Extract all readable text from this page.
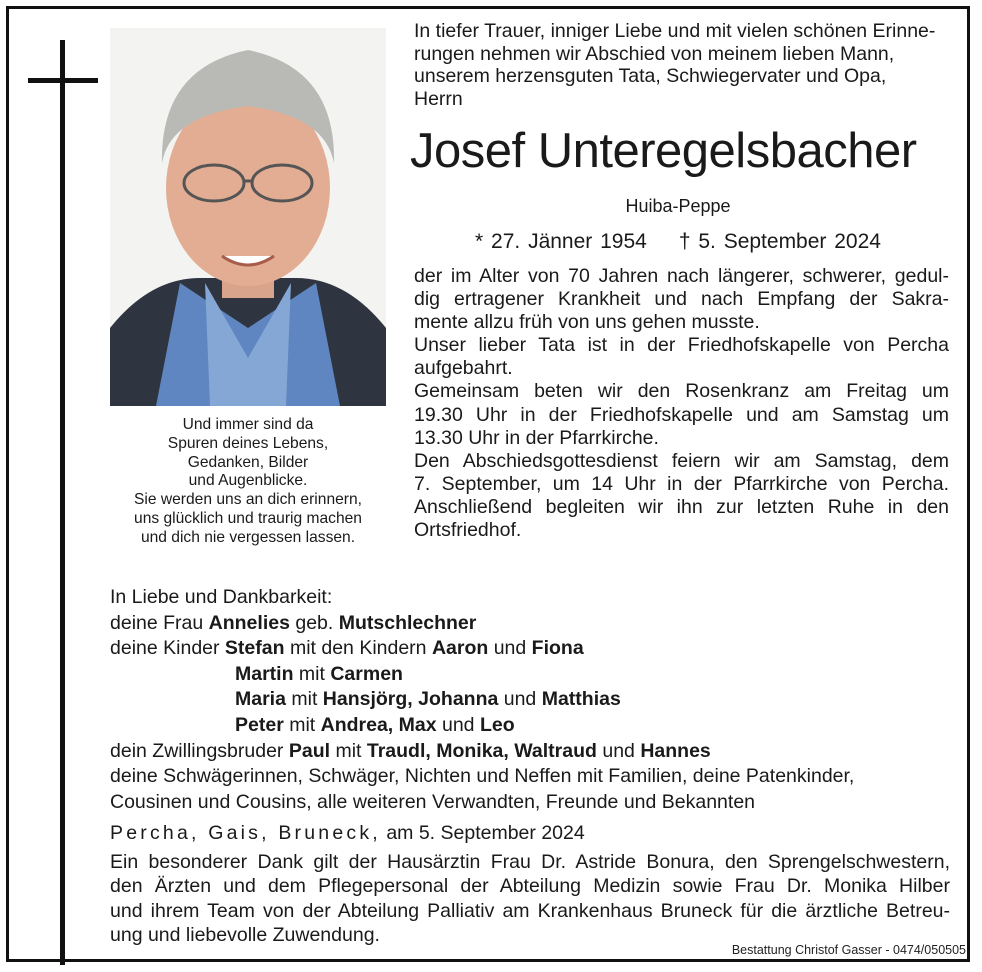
Und immer sind da
Spuren deines Lebens,
Gedanken, Bilder
und Augenblicke.
Sie werden uns an dich erinnern,
uns glücklich und traurig machen
und dich nie vergessen lassen.
In tiefer Trauer, inniger Liebe und mit vielen schönen Erinne-
rungen nehmen wir Abschied von meinem lieben Mann,
unserem herzensguten Tata, Schwiegervater und Opa,
Herrn
Josef Unteregelsbacher
Huiba-Peppe
* 27. Jänner 1954 † 5. September 2024
der im Alter von 70 Jahren nach längerer, schwerer, gedul-
dig ertragener Krankheit und nach Empfang der Sakra-
mente allzu früh von uns gehen musste.
Unser lieber Tata ist in der Friedhofskapelle von Percha
aufgebahrt.
Gemeinsam beten wir den Rosenkranz am Freitag um
19.30 Uhr in der Friedhofskapelle und am Samstag um
13.30 Uhr in der Pfarrkirche.
Den Abschiedsgottesdienst feiern wir am Samstag, dem
7. September, um 14 Uhr in der Pfarrkirche von Percha.
Anschließend begleiten wir ihn zur letzten Ruhe in den
Ortsfriedhof.
In Liebe und Dankbarkeit:
deine Frau Annelies geb. Mutschlechner
deine Kinder Stefan mit den Kindern Aaron und Fiona
Martin mit Carmen
Maria mit Hansjörg, Johanna und Matthias
Peter mit Andrea, Max und Leo
dein Zwillingsbruder Paul mit Traudl, Monika, Waltraud und Hannes
deine Schwägerinnen, Schwäger, Nichten und Neffen mit Familien, deine Patenkinder,
Cousinen und Cousins, alle weiteren Verwandten, Freunde und Bekannten
Percha, Gais, Bruneck, am 5. September 2024
Ein besonderer Dank gilt der Hausärztin Frau Dr. Astride Bonura, den Sprengelschwestern,
den Ärzten und dem Pflegepersonal der Abteilung Medizin sowie Frau Dr. Monika Hilber
und ihrem Team von der Abteilung Palliativ am Krankenhaus Bruneck für die ärztliche Betreu-
ung und liebevolle Zuwendung.
Bestattung Christof Gasser - 0474/050505
